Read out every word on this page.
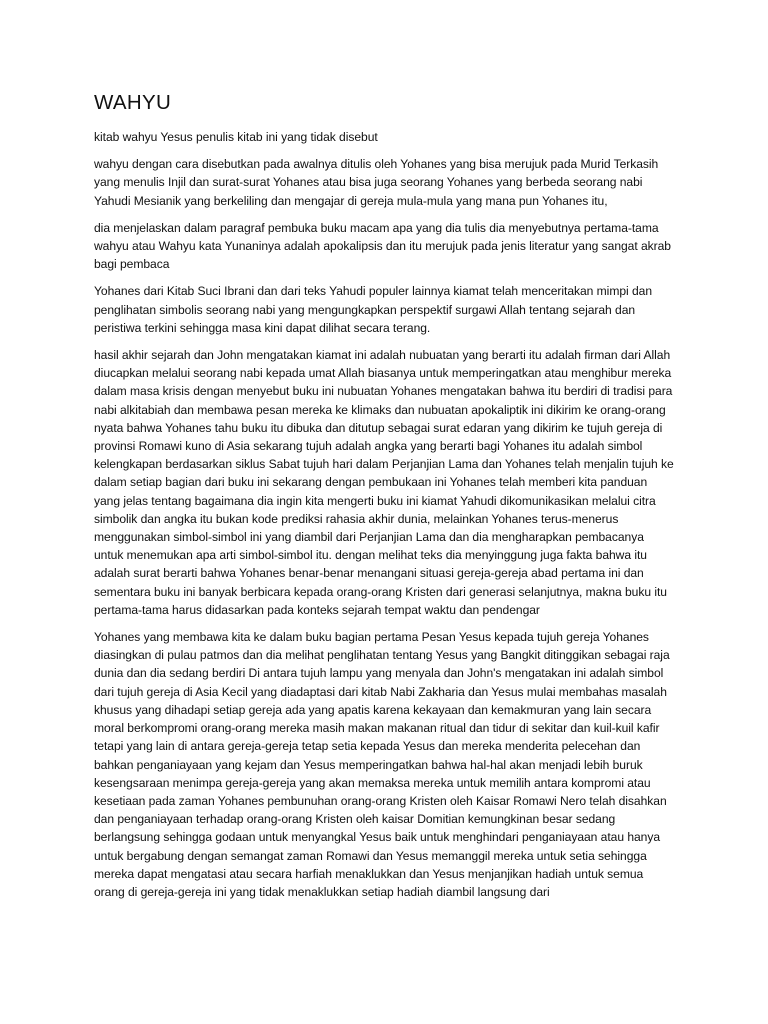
WAHYU

kitab wahyu Yesus penulis kitab ini yang tidak disebut

wahyu dengan cara disebutkan pada awalnya ditulis oleh Yohanes yang bisa merujuk pada Murid Terkasih yang menulis Injil dan surat-surat Yohanes atau bisa juga seorang Yohanes yang berbeda seorang nabi Yahudi Mesianik yang berkeliling dan mengajar di gereja mula-mula yang mana pun Yohanes itu,

dia menjelaskan dalam paragraf pembuka buku macam apa yang dia tulis dia menyebutnya pertama-tama wahyu atau Wahyu kata Yunaninya adalah apokalipsis dan itu merujuk pada jenis literatur yang sangat akrab bagi pembaca

Yohanes dari Kitab Suci Ibrani dan dari teks Yahudi populer lainnya kiamat telah menceritakan mimpi dan penglihatan simbolis seorang nabi yang mengungkapkan perspektif surgawi Allah tentang sejarah dan peristiwa terkini sehingga masa kini dapat dilihat secara terang.

hasil akhir sejarah dan John mengatakan kiamat ini adalah nubuatan yang berarti itu adalah firman dari Allah diucapkan melalui seorang nabi kepada umat Allah biasanya untuk memperingatkan atau menghibur mereka dalam masa krisis dengan menyebut buku ini nubuatan Yohanes mengatakan bahwa itu berdiri di tradisi para nabi alkitabiah dan membawa pesan mereka ke klimaks dan nubuatan apokaliptik ini dikirim ke orang-orang nyata bahwa Yohanes tahu buku itu dibuka dan ditutup sebagai surat edaran yang dikirim ke tujuh gereja di provinsi Romawi kuno di Asia sekarang tujuh adalah angka yang berarti bagi Yohanes itu adalah simbol kelengkapan berdasarkan siklus Sabat tujuh hari dalam Perjanjian Lama dan Yohanes telah menjalin tujuh ke dalam setiap bagian dari buku ini sekarang dengan pembukaan ini Yohanes telah memberi kita panduan yang jelas tentang bagaimana dia ingin kita mengerti buku ini kiamat Yahudi dikomunikasikan melalui citra simbolik dan angka itu bukan kode prediksi rahasia akhir dunia, melainkan Yohanes terus-menerus menggunakan simbol-simbol ini yang diambil dari Perjanjian Lama dan dia mengharapkan pembacanya untuk menemukan apa arti simbol-simbol itu. dengan melihat teks dia menyinggung juga fakta bahwa itu adalah surat berarti bahwa Yohanes benar-benar menangani situasi gereja-gereja abad pertama ini dan sementara buku ini banyak berbicara kepada orang-orang Kristen dari generasi selanjutnya, makna buku itu pertama-tama harus didasarkan pada konteks sejarah tempat waktu dan pendengar

Yohanes yang membawa kita ke dalam buku bagian pertama Pesan Yesus kepada tujuh gereja Yohanes diasingkan di pulau patmos dan dia melihat penglihatan tentang Yesus yang Bangkit ditinggikan sebagai raja dunia dan dia sedang berdiri Di antara tujuh lampu yang menyala dan John's mengatakan ini adalah simbol dari tujuh gereja di Asia Kecil yang diadaptasi dari kitab Nabi Zakharia dan Yesus mulai membahas masalah khusus yang dihadapi setiap gereja ada yang apatis karena kekayaan dan kemakmuran yang lain secara moral berkompromi orang-orang mereka masih makan makanan ritual dan tidur di sekitar dan kuil-kuil kafir tetapi yang lain di antara gereja-gereja tetap setia kepada Yesus dan mereka menderita pelecehan dan bahkan penganiayaan yang kejam dan Yesus memperingatkan bahwa hal-hal akan menjadi lebih buruk kesengsaraan menimpa gereja-gereja yang akan memaksa mereka untuk memilih antara kompromi atau kesetiaan pada zaman Yohanes pembunuhan orang-orang Kristen oleh Kaisar Romawi Nero telah disahkan dan penganiayaan terhadap orang-orang Kristen oleh kaisar Domitian kemungkinan besar sedang berlangsung sehingga godaan untuk menyangkal Yesus baik untuk menghindari penganiayaan atau hanya untuk bergabung dengan semangat zaman Romawi dan Yesus memanggil mereka untuk setia sehingga mereka dapat mengatasi atau secara harfiah menaklukkan dan Yesus menjanjikan hadiah untuk semua orang di gereja-gereja ini yang tidak menaklukkan setiap hadiah diambil langsung dari
